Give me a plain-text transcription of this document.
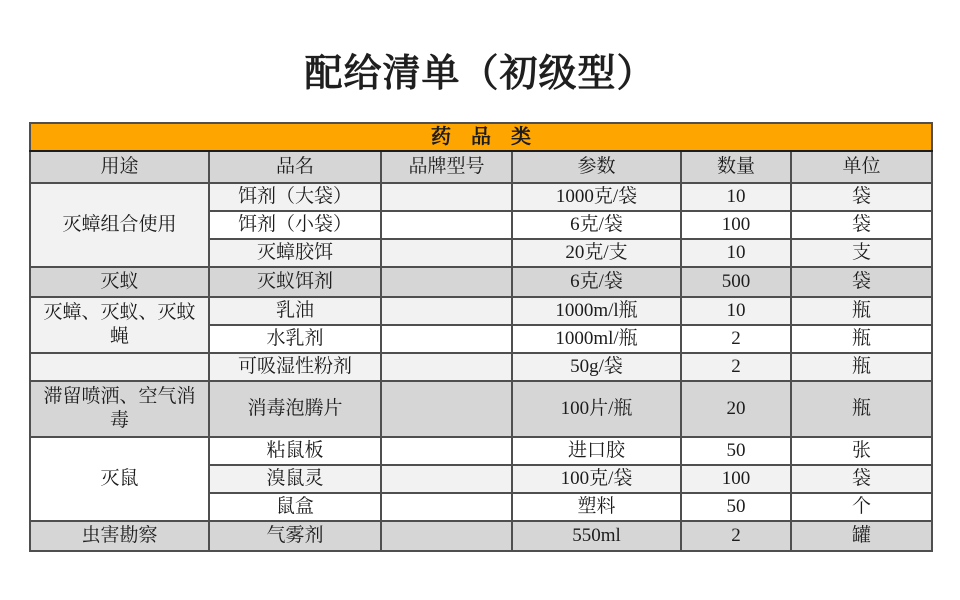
配给清单（初级型）
药　品　类					
用途	品名	品牌型号	参数	数量	单位
灭蟑组合使用	饵剂（大袋）		1000克/袋	10	袋
	饵剂（小袋）		6克/袋	100	袋
	灭蟑胶饵		20克/支	10	支
灭蚁	灭蚁饵剂		6克/袋	500	袋
灭蟑、灭蚁、灭蚊蝇	乳油		1000m/l瓶	10	瓶
	水乳剂		1000ml/瓶	2	瓶
	可吸湿性粉剂		50g/袋	2	瓶
滞留喷洒、空气消毒	消毒泡腾片		100片/瓶	20	瓶
灭鼠	粘鼠板		进口胶	50	张
	溴鼠灵		100克/袋	100	袋
	鼠盒		塑料	50	个
虫害勘察	气雾剂		550ml	2	罐
